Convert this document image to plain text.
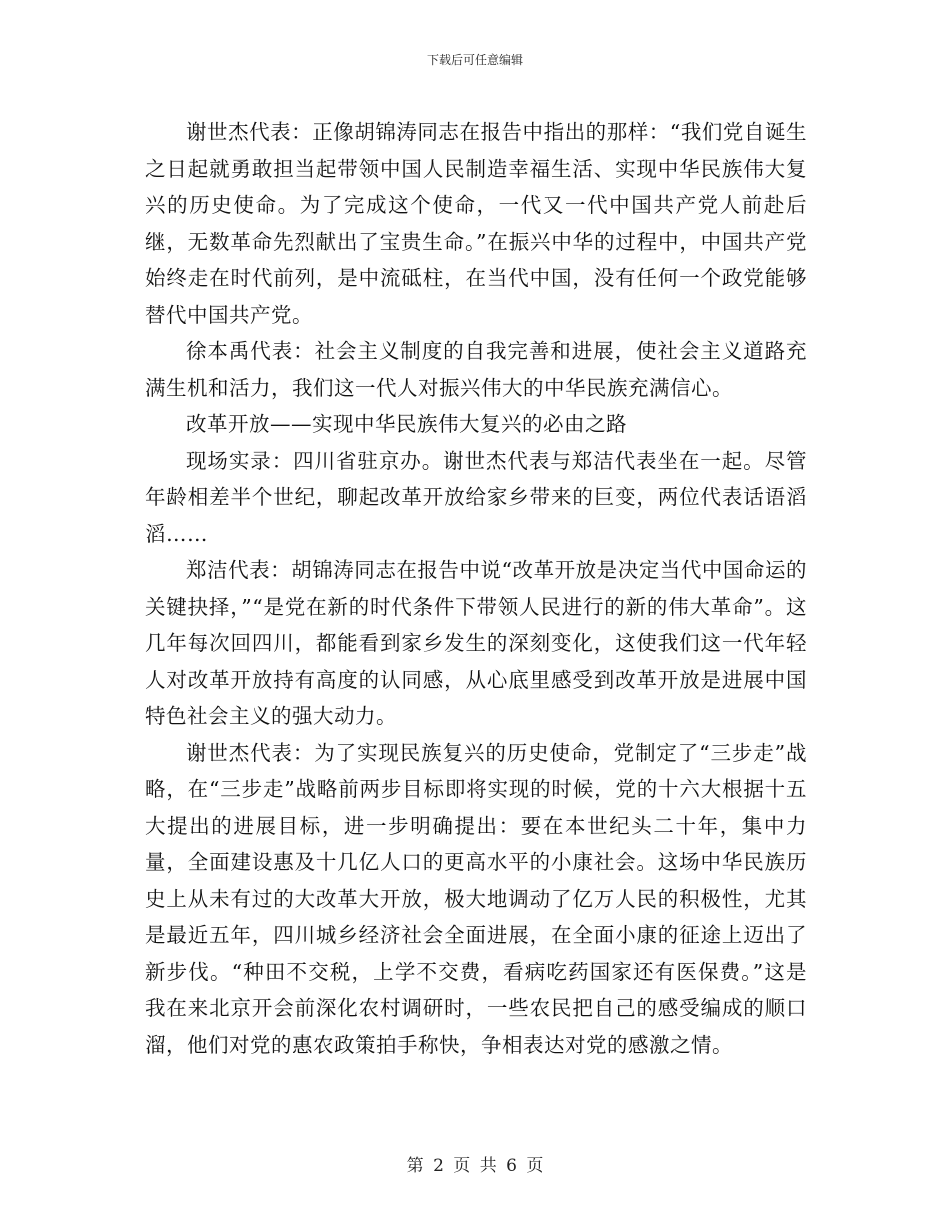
下载后可任意编辑

谢世杰代表：正像胡锦涛同志在报告中指出的那样：“我们党自诞生之日起就勇敢担当起带领中国人民制造幸福生活、实现中华民族伟大复兴的历史使命。为了完成这个使命，一代又一代中国共产党人前赴后继，无数革命先烈献出了宝贵生命。”在振兴中华的过程中，中国共产党始终走在时代前列，是中流砥柱，在当代中国，没有任何一个政党能够替代中国共产党。

徐本禹代表：社会主义制度的自我完善和进展，使社会主义道路充满生机和活力，我们这一代人对振兴伟大的中华民族充满信心。

改革开放——实现中华民族伟大复兴的必由之路

现场实录：四川省驻京办。谢世杰代表与郑洁代表坐在一起。尽管年龄相差半个世纪，聊起改革开放给家乡带来的巨变，两位代表话语滔滔……

郑洁代表：胡锦涛同志在报告中说“改革开放是决定当代中国命运的关键抉择，”“是党在新的时代条件下带领人民进行的新的伟大革命”。这几年每次回四川，都能看到家乡发生的深刻变化，这使我们这一代年轻人对改革开放持有高度的认同感，从心底里感受到改革开放是进展中国特色社会主义的强大动力。

谢世杰代表：为了实现民族复兴的历史使命，党制定了“三步走”战略，在“三步走”战略前两步目标即将实现的时候，党的十六大根据十五大提出的进展目标，进一步明确提出：要在本世纪头二十年，集中力量，全面建设惠及十几亿人口的更高水平的小康社会。这场中华民族历史上从未有过的大改革大开放，极大地调动了亿万人民的积极性，尤其是最近五年，四川城乡经济社会全面进展，在全面小康的征途上迈出了新步伐。“种田不交税，上学不交费，看病吃药国家还有医保费。”这是我在来北京开会前深化农村调研时，一些农民把自己的感受编成的顺口溜，他们对党的惠农政策拍手称快，争相表达对党的感激之情。

第 2 页 共 6 页
